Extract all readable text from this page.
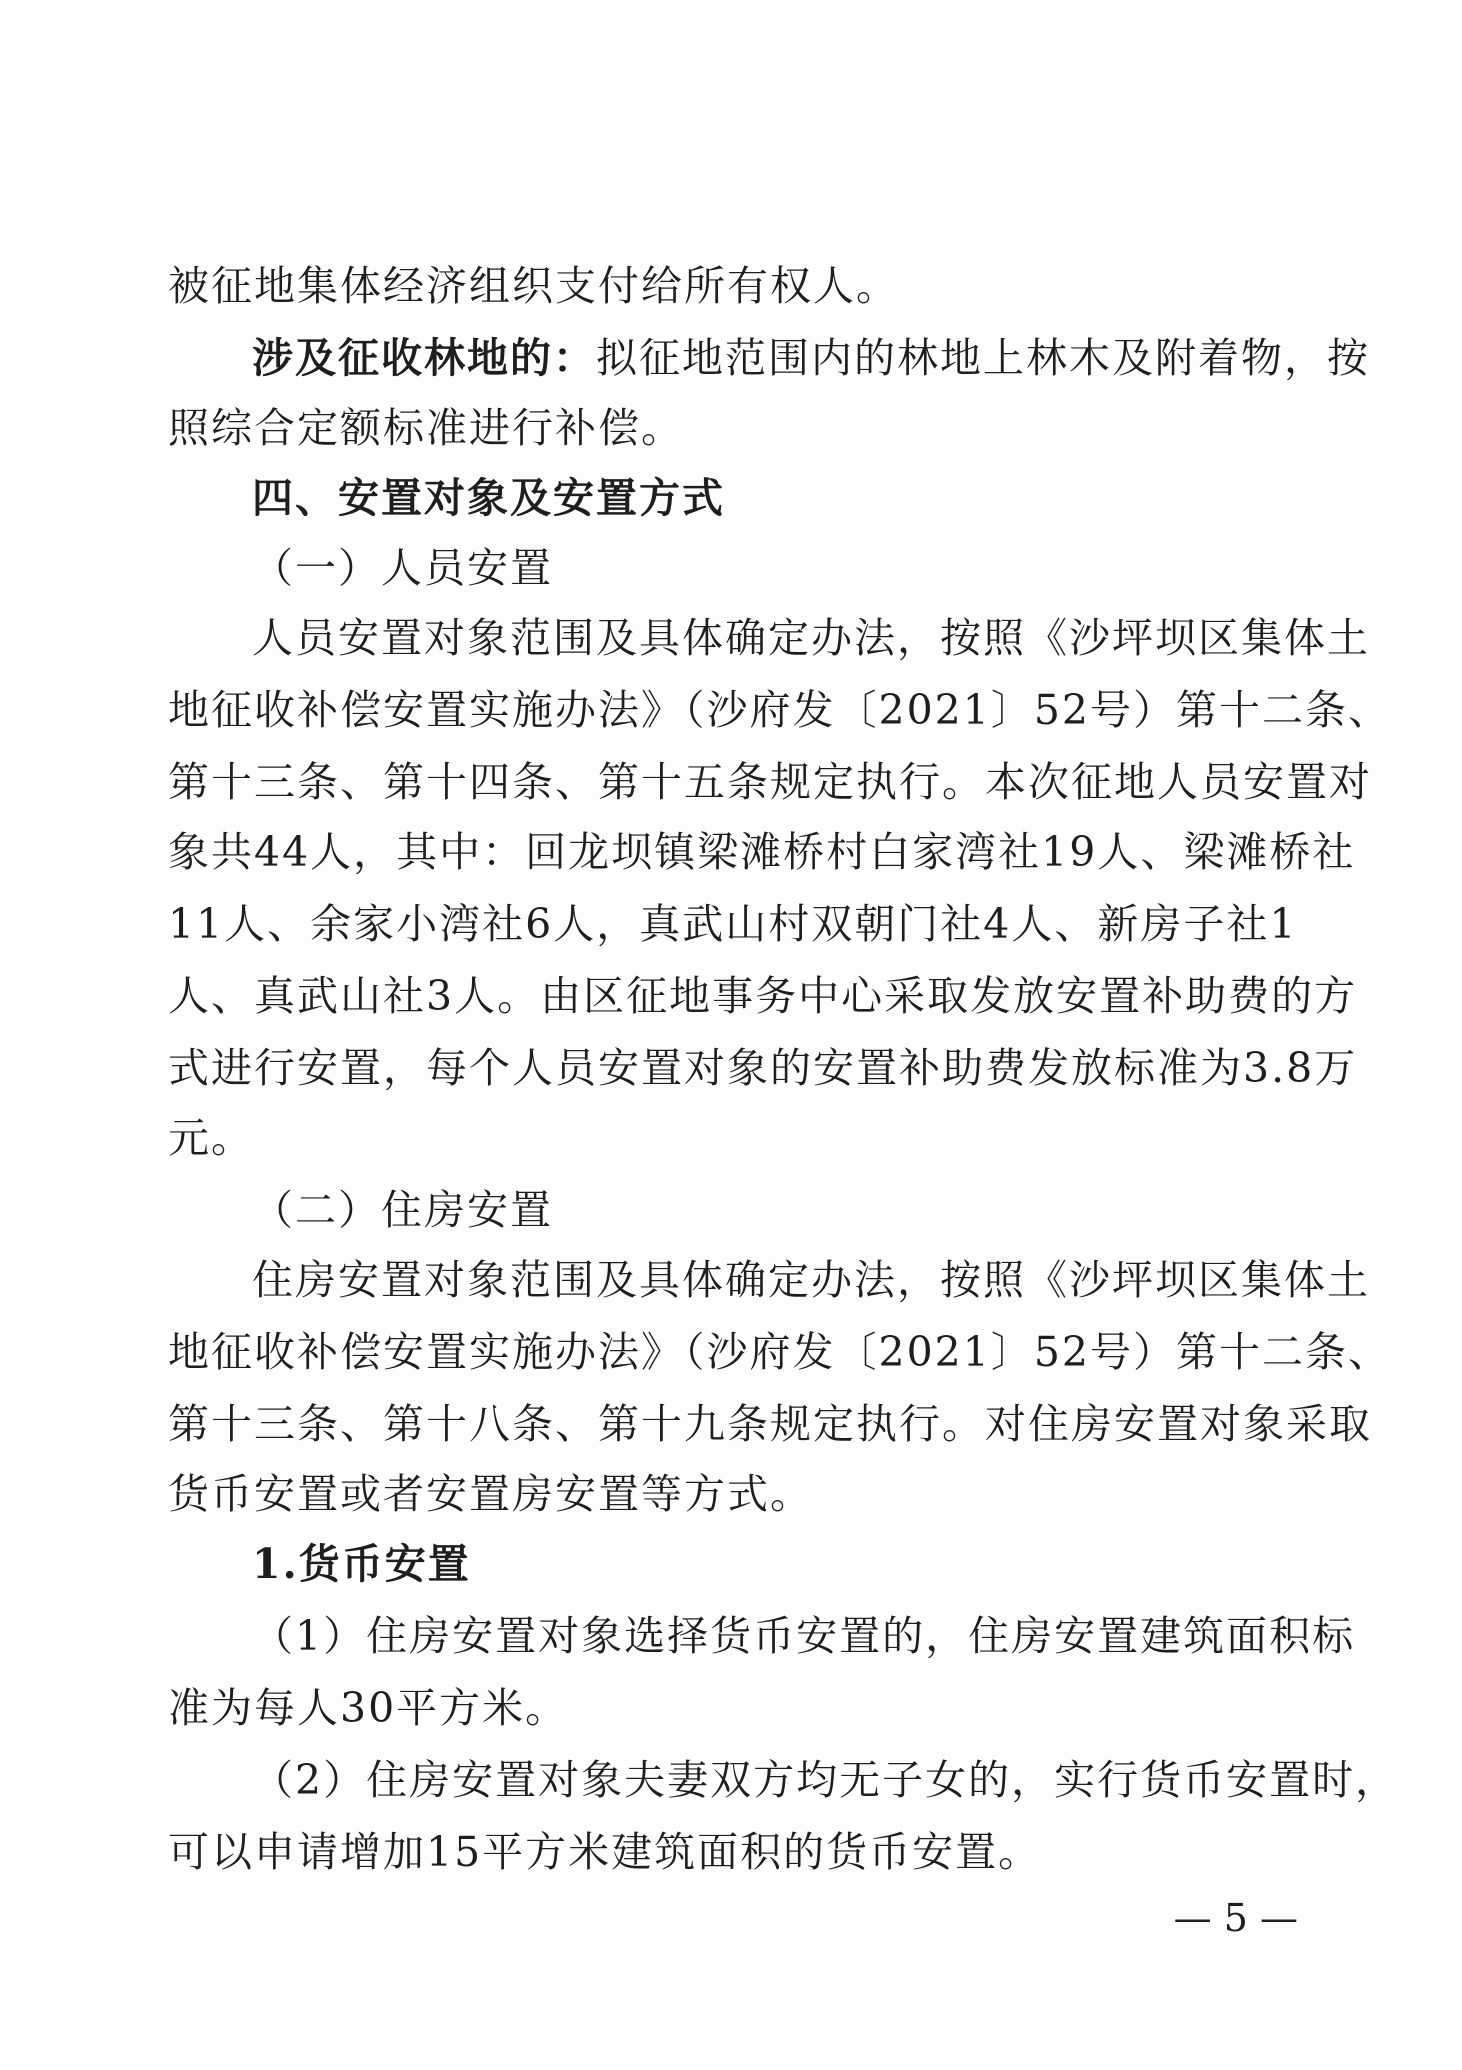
被征地集体经济组织支付给所有权人。
涉及征收林地的：拟征地范围内的林地上林木及附着物，按
照综合定额标准进行补偿。
四、安置对象及安置方式
（一）人员安置
人员安置对象范围及具体确定办法，按照《沙坪坝区集体土
地征收补偿安置实施办法》（沙府发〔2021〕52号）第十二条、
第十三条、第十四条、第十五条规定执行。本次征地人员安置对
象共44人，其中：回龙坝镇梁滩桥村白家湾社19人、梁滩桥社
11人、余家小湾社6人，真武山村双朝门社4人、新房子社1
人、真武山社3人。由区征地事务中心采取发放安置补助费的方
式进行安置，每个人员安置对象的安置补助费发放标准为3.8万
元。
（二）住房安置
住房安置对象范围及具体确定办法，按照《沙坪坝区集体土
地征收补偿安置实施办法》（沙府发〔2021〕52号）第十二条、
第十三条、第十八条、第十九条规定执行。对住房安置对象采取
货币安置或者安置房安置等方式。
1.货币安置
（1）住房安置对象选择货币安置的，住房安置建筑面积标
准为每人30平方米。
（2）住房安置对象夫妻双方均无子女的，实行货币安置时，
可以申请增加15平方米建筑面积的货币安置。
— 5 —
